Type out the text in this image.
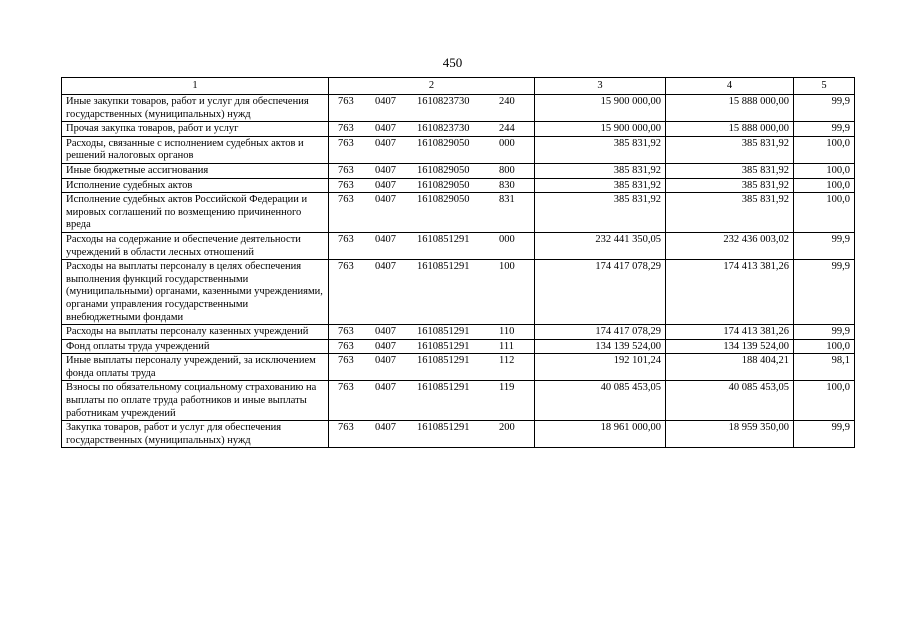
450
1	2	3	4	5
Иные закупки товаров, работ и услуг для обеспечения государственных (муниципальных) нужд	763 0407 1610823730 240	15 900 000,00	15 888 000,00	99,9
Прочая закупка товаров, работ и услуг	763 0407 1610823730 244	15 900 000,00	15 888 000,00	99,9
Расходы, связанные с исполнением судебных актов и решений налоговых органов	763 0407 1610829050 000	385 831,92	385 831,92	100,0
Иные бюджетные ассигнования	763 0407 1610829050 800	385 831,92	385 831,92	100,0
Исполнение судебных актов	763 0407 1610829050 830	385 831,92	385 831,92	100,0
Исполнение судебных актов Российской Федерации и мировых соглашений по возмещению причиненного вреда	763 0407 1610829050 831	385 831,92	385 831,92	100,0
Расходы на содержание и обеспечение деятельности учреждений в области лесных отношений	763 0407 1610851291 000	232 441 350,05	232 436 003,02	99,9
Расходы на выплаты персоналу в целях обеспечения выполнения функций государственными (муниципальными) органами, казенными учреждениями, органами управления государственными внебюджетными фондами	763 0407 1610851291 100	174 417 078,29	174 413 381,26	99,9
Расходы на выплаты персоналу казенных учреждений	763 0407 1610851291 110	174 417 078,29	174 413 381,26	99,9
Фонд оплаты труда учреждений	763 0407 1610851291 111	134 139 524,00	134 139 524,00	100,0
Иные выплаты персоналу учреждений, за исключением фонда оплаты труда	763 0407 1610851291 112	192 101,24	188 404,21	98,1
Взносы по обязательному социальному страхованию на выплаты по оплате труда работников и иные выплаты работникам учреждений	763 0407 1610851291 119	40 085 453,05	40 085 453,05	100,0
Закупка товаров, работ и услуг для обеспечения государственных (муниципальных) нужд	763 0407 1610851291 200	18 961 000,00	18 959 350,00	99,9
